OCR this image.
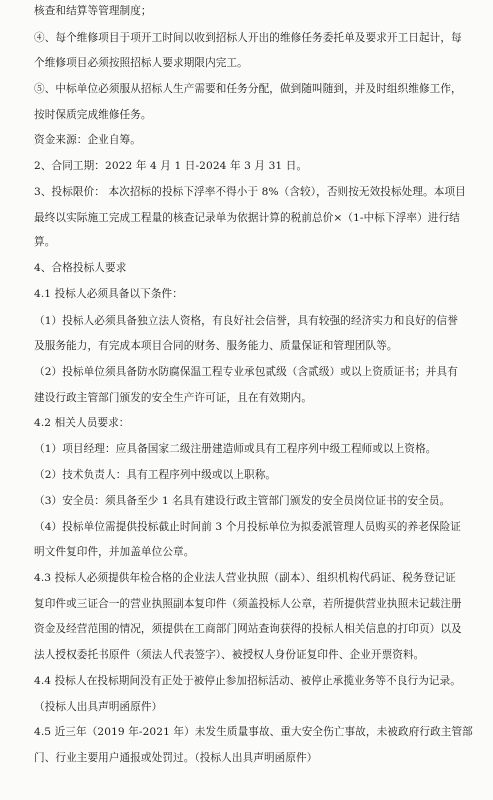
核查和结算等管理制度；
④、每个维修项目于项开工时间以收到招标人开出的维修任务委托单及要求开工日起计，每
个维修项目必须按照招标人要求期限内完工。
⑤、中标单位必须服从招标人生产需要和任务分配，做到随叫随到，并及时组织维修工作，
按时保质完成维修任务。
资金来源：企业自筹。
2、合同工期：2022 年 4 月 1 日-2024 年 3 月 31 日。
3、投标限价： 本次招标的投标下浮率不得小于 8%（含较），否则按无效投标处理。本项目
最终以实际施工完成工程量的核查记录单为依据计算的税前总价×（1-中标下浮率）进行结
算。
4、合格投标人要求
4.1 投标人必须具备以下条件：
（1）投标人必须具备独立法人资格，有良好社会信誉，具有较强的经济实力和良好的信誉
及服务能力，有完成本项目合同的财务、服务能力、质量保证和管理团队等。
（2）投标单位须具备防水防腐保温工程专业承包贰级（含贰级）或以上资质证书；并具有
建设行政主管部门颁发的安全生产许可证，且在有效期内。
4.2 相关人员要求：
（1）项目经理：应具备国家二级注册建造师或具有工程序列中级工程师或以上资格。
（2）技术负责人：具有工程序列中级或以上职称。
（3）安全员：须具备至少 1 名具有建设行政主管部门颁发的安全员岗位证书的安全员。
（4）投标单位需提供投标截止时间前 3 个月投标单位为拟委派管理人员购买的养老保险证
明文件复印件，并加盖单位公章。
4.3 投标人必须提供年检合格的企业法人营业执照（副本）、组织机构代码证、税务登记证
复印件或三证合一的营业执照副本复印件（须盖投标人公章，若所提供营业执照未记载注册
资金及经营范围的情况，须提供在工商部门网站查询获得的投标人相关信息的打印页）以及
法人授权委托书原件（须法人代表签字）、被授权人身份证复印件、企业开票资料。
4.4 投标人在投标期间没有正处于被停止参加招标活动、被停止承揽业务等不良行为记录。
（投标人出具声明函原件）
4.5 近三年（2019 年-2021 年）未发生质量事故、重大安全伤亡事故，未被政府行政主管部
门、行业主要用户通报或处罚过。（投标人出具声明函原件）
